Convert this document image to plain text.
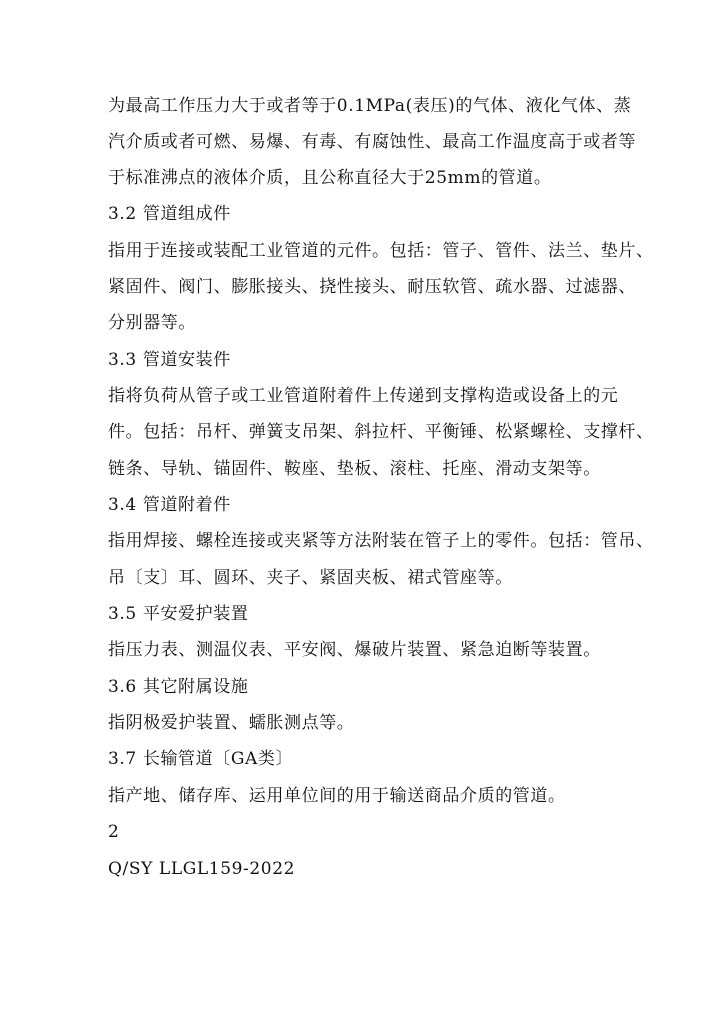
为最高工作压力大于或者等于0.1MPa(表压)的气体、液化气体、蒸
汽介质或者可燃、易爆、有毒、有腐蚀性、最高工作温度高于或者等
于标准沸点的液体介质，且公称直径大于25mm的管道。
3.2 管道组成件
指用于连接或装配工业管道的元件。包括：管子、管件、法兰、垫片、
紧固件、阀门、膨胀接头、挠性接头、耐压软管、疏水器、过滤器、
分别器等。
3.3 管道安装件
指将负荷从管子或工业管道附着件上传递到支撑构造或设备上的元
件。包括：吊杆、弹簧支吊架、斜拉杆、平衡锤、松紧螺栓、支撑杆、
链条、导轨、锚固件、鞍座、垫板、滚柱、托座、滑动支架等。
3.4 管道附着件
指用焊接、螺栓连接或夹紧等方法附装在管子上的零件。包括：管吊、
吊〔支〕耳、圆环、夹子、紧固夹板、裙式管座等。
3.5 平安爱护装置
指压力表、测温仪表、平安阀、爆破片装置、紧急迫断等装置。
3.6 其它附属设施
指阴极爱护装置、蠕胀测点等。
3.7 长输管道〔GA类〕
指产地、储存库、运用单位间的用于输送商品介质的管道。
2
Q/SY LLGL159-2022
